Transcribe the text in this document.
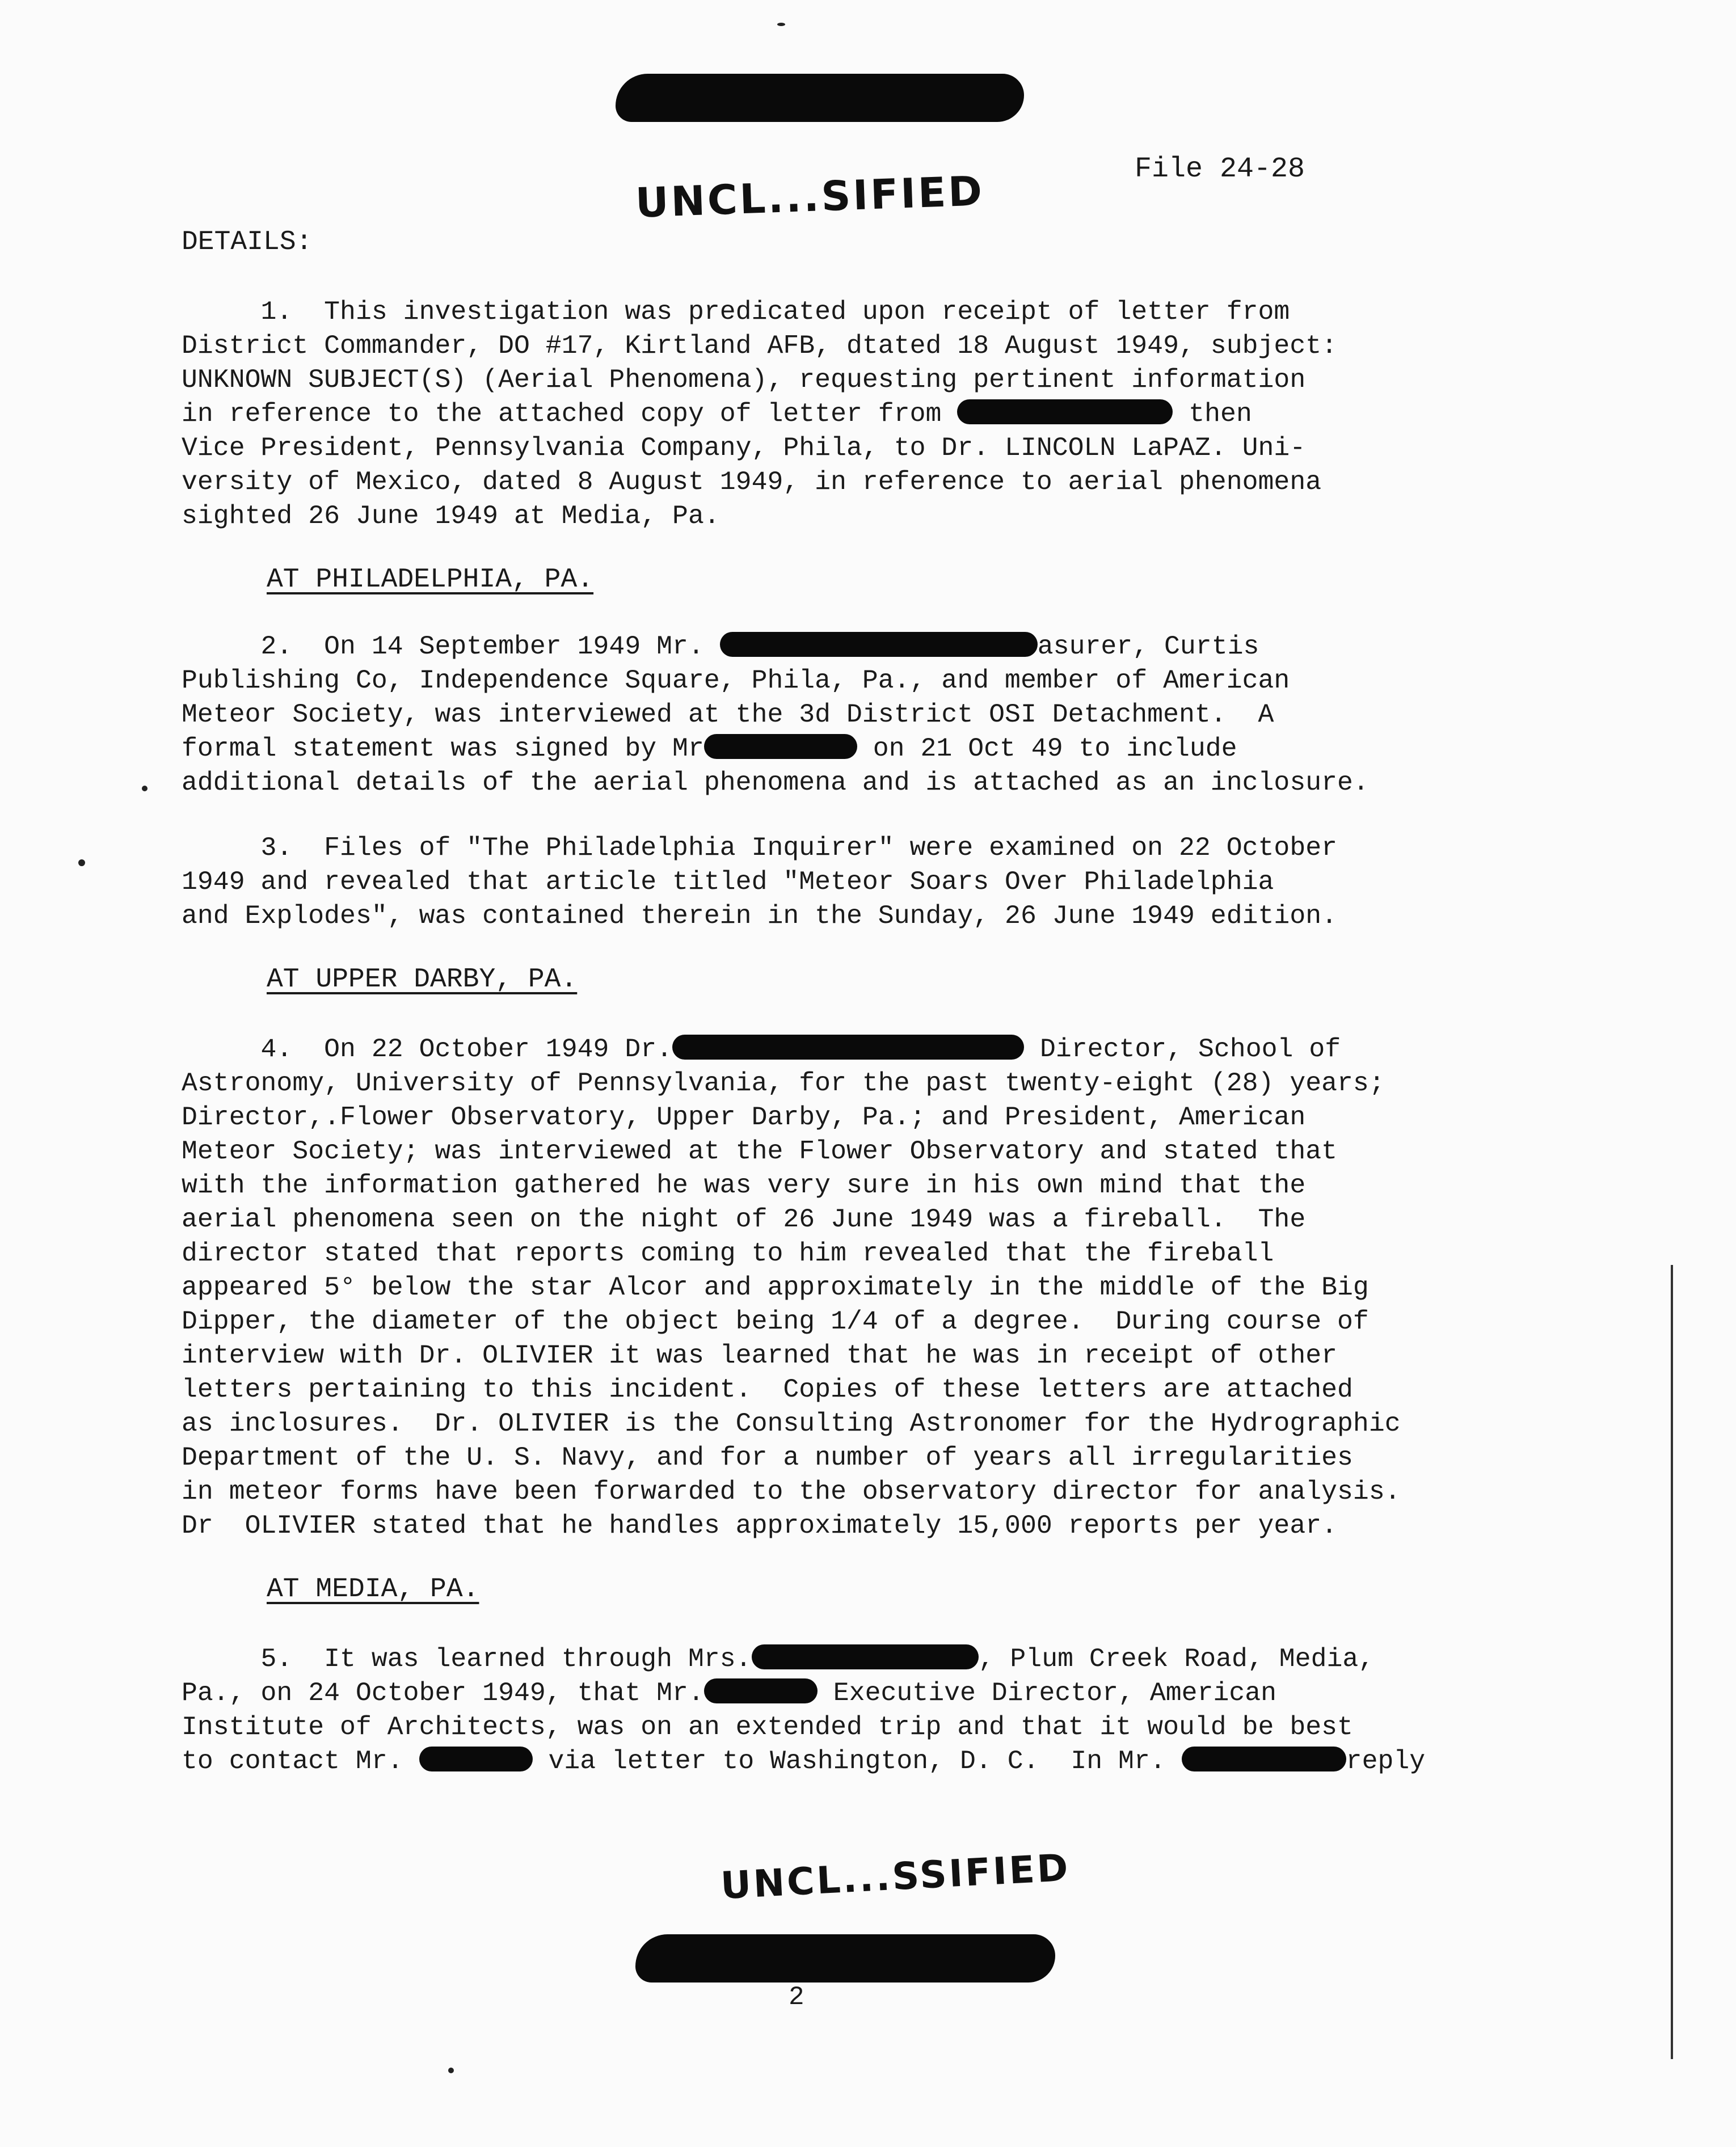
UNCL...SIFIED	File 24-28
DETAILS:

1.  This investigation was predicated upon receipt of letter from

District Commander, DO #17, Kirtland AFB, dtated 18 August 1949, subject:

UNKNOWN SUBJECT(S) (Aerial Phenomena), requesting pertinent information

in reference to the attached copy of letter from	then

Vice President, Pennsylvania Company, Phila, to Dr. LINCOLN LaPAZ. Uni-

versity of Mexico, dated 8 August 1949, in reference to aerial phenomena

sighted 26 June 1949 at Media, Pa.

AT PHILADELPHIA, PA.

2.  On 14 September 1949 Mr.	asurer, Curtis

Publishing Co, Independence Square, Phila, Pa., and member of American

Meteor Society, was interviewed at the 3d District OSI Detachment.  A

formal statement was signed by Mr	on 21 Oct 49 to include

additional details of the aerial phenomena and is attached as an inclosure.

3.  Files of "The Philadelphia Inquirer" were examined on 22 October

1949 and revealed that article titled "Meteor Soars Over Philadelphia

and Explodes", was contained therein in the Sunday, 26 June 1949 edition.

AT UPPER DARBY, PA.

4.  On 22 October 1949 Dr.	Director, School of

Astronomy, University of Pennsylvania, for the past twenty-eight (28) years;

Director,.Flower Observatory, Upper Darby, Pa.; and President, American

Meteor Society; was interviewed at the Flower Observatory and stated that

with the information gathered he was very sure in his own mind that the

aerial phenomena seen on the night of 26 June 1949 was a fireball.  The

director stated that reports coming to him revealed that the fireball

appeared 5° below the star Alcor and approximately in the middle of the Big

Dipper, the diameter of the object being 1/4 of a degree.  During course of

interview with Dr. OLIVIER it was learned that he was in receipt of other

letters pertaining to this incident.  Copies of these letters are attached

as inclosures.  Dr. OLIVIER is the Consulting Astronomer for the Hydrographic

Department of the U. S. Navy, and for a number of years all irregularities

in meteor forms have been forwarded to the observatory director for analysis.

Dr  OLIVIER stated that he handles approximately 15,000 reports per year.

AT MEDIA, PA.

5.  It was learned through Mrs.	, Plum Creek Road, Media,

Pa., on 24 October 1949, that Mr.	Executive Director, American

Institute of Architects, was on an extended trip and that it would be best

to contact Mr.	via letter to Washington, D. C.  In Mr.	reply

UNCL...SSIFIED
2
